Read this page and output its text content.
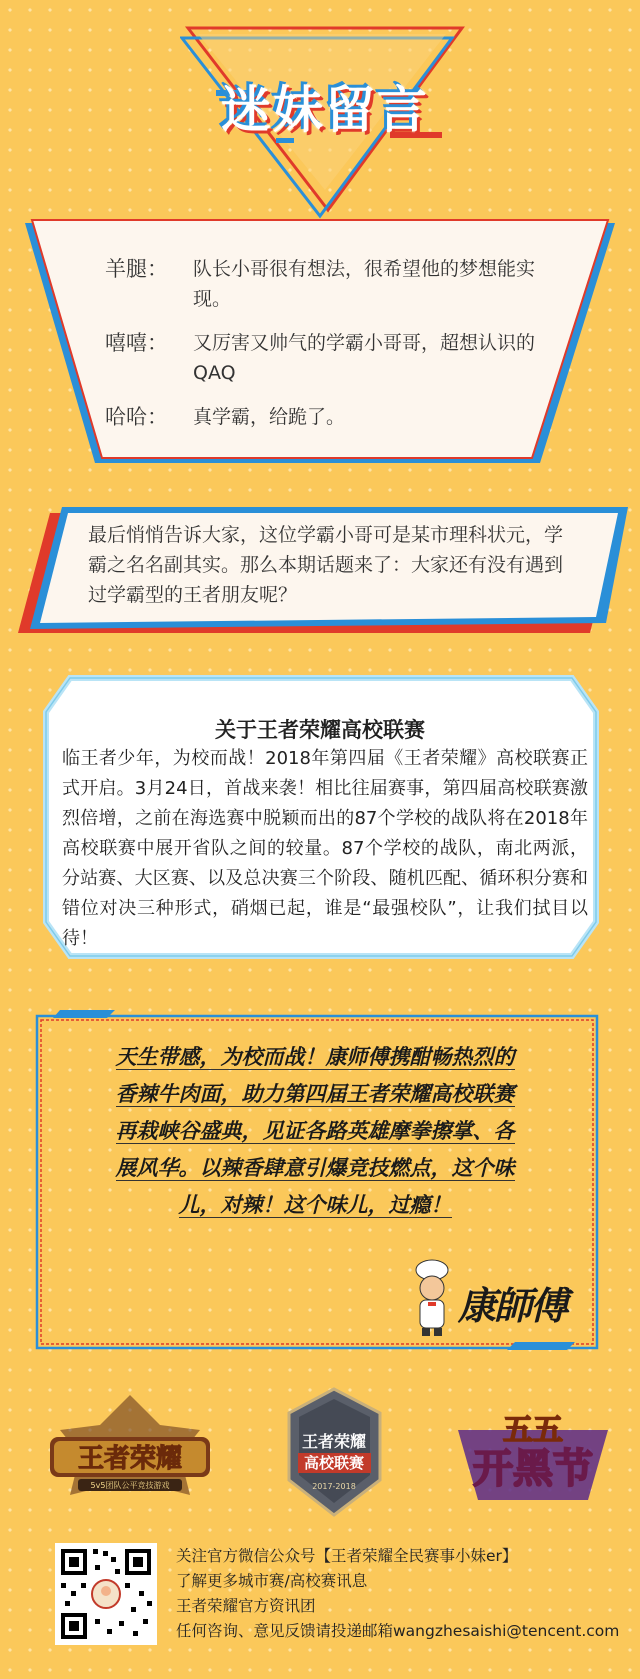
迷妹留言
羊腿：	队长小哥很有想法，很希望他的梦想能实现。
嘻嘻：	又厉害又帅气的学霸小哥哥，超想认识的QAQ
哈哈：	真学霸，给跪了。
最后悄悄告诉大家，这位学霸小哥可是某市理科状元，学霸之名名副其实。那么本期话题来了：大家还有没有遇到过学霸型的王者朋友呢？
关于王者荣耀高校联赛
临王者少年，为校而战！2018年第四届《王者荣耀》高校联赛正式开启。3月24日，首战来袭！相比往届赛事，第四届高校联赛激烈倍增，之前在海选赛中脱颖而出的87个学校的战队将在2018年高校联赛中展开省队之间的较量。87个学校的战队，南北两派，分站赛、大区赛、以及总决赛三个阶段、随机匹配、循环积分赛和错位对决三种形式，硝烟已起，谁是“最强校队”，让我们拭目以待！
天生带感，为校而战！康师傅携酣畅热烈的
香辣牛肉面，助力第四届王者荣耀高校联赛
再栽峡谷盛典，见证各路英雄摩拳擦掌、各
展风华。以辣香肆意引爆竞技燃点，这个味
儿，对辣！这个味儿，过瘾！
康師傅
王者荣耀
5v5团队公平竞技游戏
王者荣耀
高校联赛
2017-2018
五五
开黑节
关注官方微信公众号【王者荣耀全民赛事小妹er】
了解更多城市赛/高校赛讯息
王者荣耀官方资讯团
任何咨询、意见反馈请投递邮箱wangzhesaishi@tencent.com
